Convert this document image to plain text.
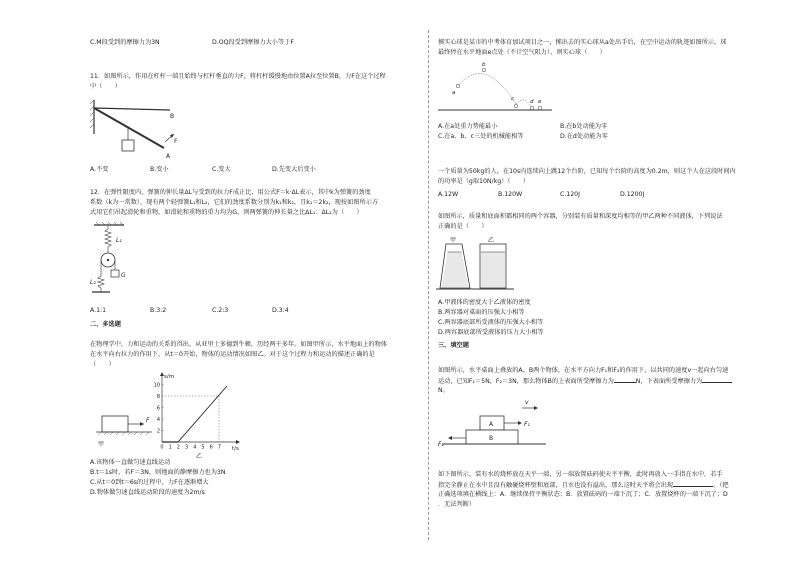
C.M段受到的摩擦力为3N	D.OQ段受到摩擦力大小等于F
11．如图所示，作用在杠杆一端且始终与杠杆垂直的力F，将杠杆缓慢地由位置A拉至位置B，力F在这个过程
中（　　）
B
A
F
A.不变	B.变小	C.变大	D.先变大后变小
12．在弹性限度内，弹簧的伸长量ΔL与受到的拉力F成正比，用公式F＝k·ΔL表示，其中k为弹簧的劲度
系数（k为一常数），现有两个轻弹簧L₁和L₂，它们的劲度系数分别为k₁和k₂，且k₁＝2k₂，现按如图所示方
式用它们吊起滑轮和重物，如滑轮和重物的重力均为G，则两弹簧的伸长量之比ΔL₁：ΔL₂为（　　）
L₁
L₂
G
A.1:1	B.3:2	C.2:3	D.3:4
二、多选题
在物理学中，力和运动的关系的得出，从亚里士多德到牛顿，历经两千多年。如图甲所示，水平地面上的物体
在水平向右拉力的作用下，从t＝0开始，物体的运动情况如图乙。对于这个过程力和运动的描述正确的是
（　　）
F
甲
s/m
t/s
10
8
6
4
2
0 1 2 3 4 5 6 7
乙
A.该物体一直做匀速直线运动
B.t＝1s时，若F＝3N，则地面的静摩擦力也为3N
C.从t＝0到t＝6s的过程中，力F在逐渐增大
D.物体做匀速直线运动阶段的速度为2m/s
掷实心球是某市的中考体育加试项目之一，掷出去的实心球从a处出手后，在空中运动的轨迹如图所示，球
最终停在水平地面e点处（不计空气阻力），则实心球（　　）
a
b
c	d e
A.在a处重力势能最小	B.在b处动能为零
C.在a、b、c三处的机械能相等	D.在d处动能为零
一个质量为50kg的人，在10s内连续向上跳12个台阶，已知每个台阶的高度为0.2m，则这个人在这段时间内
的功率是（g取10N/kg）（　　）
A.12W	B.120W	C.120J	D.1200J
如图所示，质量和底面积都相同的两个容器，分别装有质量和深度均相等的甲乙两种不同液体，下列说法
正确的是（　　）
甲	乙
A.甲液体的密度大于乙液体的密度
B.两容器对桌面的压强大小相等
C.两容器底部所受液体的压强大小相等
D.两容器底部所受液体的压力大小相等
三、填空题
如图所示，水平桌面上叠放的A、B两个物体，在水平方向力F₁和F₂的作用下，以共同的速度v一起向右匀速
运动，已知F₁＝5N，F₂＝3N，那么物体B的上表面所受摩擦力为	N，下表面所受摩擦力为
N。
v
A	F₁
B
F₂
如下图所示，装有水的烧杯放在天平一端，另一端放置砝码使天平平衡，此时再放入一手指在水中，若手
指完全静止在水中且没有触碰烧杯壁和底部，且水也没有溢出，那么这时天平将会出现	。（把
正确选项填在横线上：A．继续保持平衡状态；B．放置砝码的一端下沉了；C．放置烧杯的一端下沉了；D
．无法判断）
